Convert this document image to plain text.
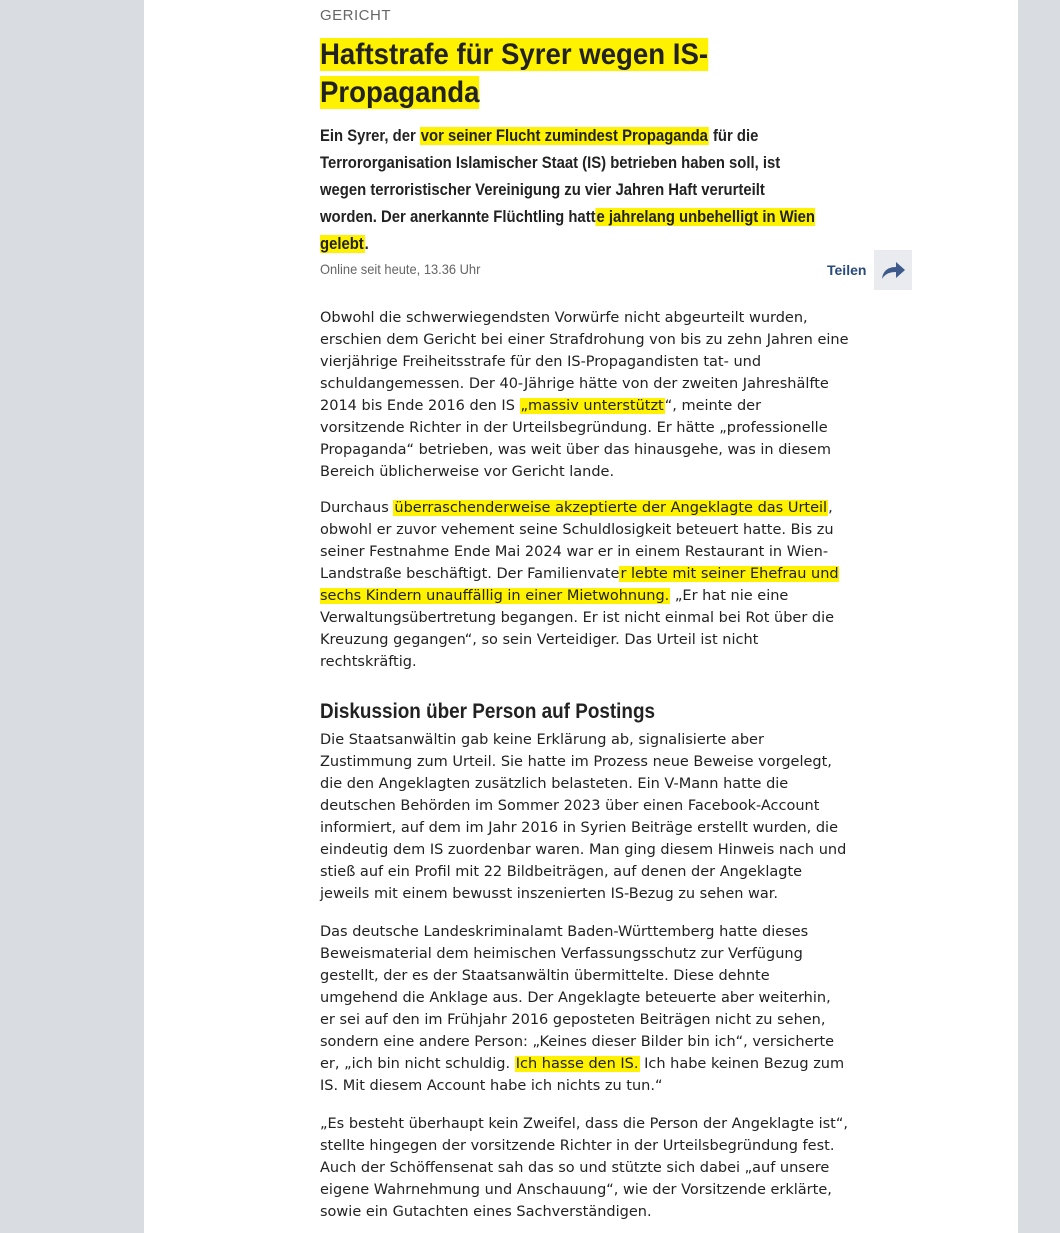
GERICHT
Haftstrafe für Syrer wegen IS-Propaganda

Ein Syrer, der vor seiner Flucht zumindest Propaganda für die Terrororganisation Islamischer Staat (IS) betrieben haben soll, ist wegen terroristischer Vereinigung zu vier Jahren Haft verurteilt worden. Der anerkannte Flüchtling hatte jahrelang unbehelligt in Wien gelebt.

Online seit heute, 13.36 Uhr	Teilen

Obwohl die schwerwiegendsten Vorwürfe nicht abgeurteilt wurden, erschien dem Gericht bei einer Strafdrohung von bis zu zehn Jahren eine vierjährige Freiheitsstrafe für den IS-Propagandisten tat- und schuldangemessen. Der 40-Jährige hätte von der zweiten Jahreshälfte 2014 bis Ende 2016 den IS „massiv unterstützt“, meinte der vorsitzende Richter in der Urteilsbegründung. Er hätte „professionelle Propaganda“ betrieben, was weit über das hinausgehe, was in diesem Bereich üblicherweise vor Gericht lande.

Durchaus überraschenderweise akzeptierte der Angeklagte das Urteil, obwohl er zuvor vehement seine Schuldlosigkeit beteuert hatte. Bis zu seiner Festnahme Ende Mai 2024 war er in einem Restaurant in Wien-Landstraße beschäftigt. Der Familienvater lebte mit seiner Ehefrau und sechs Kindern unauffällig in einer Mietwohnung. „Er hat nie eine Verwaltungsübertretung begangen. Er ist nicht einmal bei Rot über die Kreuzung gegangen“, so sein Verteidiger. Das Urteil ist nicht rechtskräftig.

Diskussion über Person auf Postings

Die Staatsanwältin gab keine Erklärung ab, signalisierte aber Zustimmung zum Urteil. Sie hatte im Prozess neue Beweise vorgelegt, die den Angeklagten zusätzlich belasteten. Ein V-Mann hatte die deutschen Behörden im Sommer 2023 über einen Facebook-Account informiert, auf dem im Jahr 2016 in Syrien Beiträge erstellt wurden, die eindeutig dem IS zuordenbar waren. Man ging diesem Hinweis nach und stieß auf ein Profil mit 22 Bildbeiträgen, auf denen der Angeklagte jeweils mit einem bewusst inszenierten IS-Bezug zu sehen war.

Das deutsche Landeskriminalamt Baden-Württemberg hatte dieses Beweismaterial dem heimischen Verfassungsschutz zur Verfügung gestellt, der es der Staatsanwältin übermittelte. Diese dehnte umgehend die Anklage aus. Der Angeklagte beteuerte aber weiterhin, er sei auf den im Frühjahr 2016 geposteten Beiträgen nicht zu sehen, sondern eine andere Person: „Keines dieser Bilder bin ich“, versicherte er, „ich bin nicht schuldig. Ich hasse den IS. Ich habe keinen Bezug zum IS. Mit diesem Account habe ich nichts zu tun.“

„Es besteht überhaupt kein Zweifel, dass die Person der Angeklagte ist“, stellte hingegen der vorsitzende Richter in der Urteilsbegründung fest. Auch der Schöffensenat sah das so und stützte sich dabei „auf unsere eigene Wahrnehmung und Anschauung“, wie der Vorsitzende erklärte, sowie ein Gutachten eines Sachverständigen.
